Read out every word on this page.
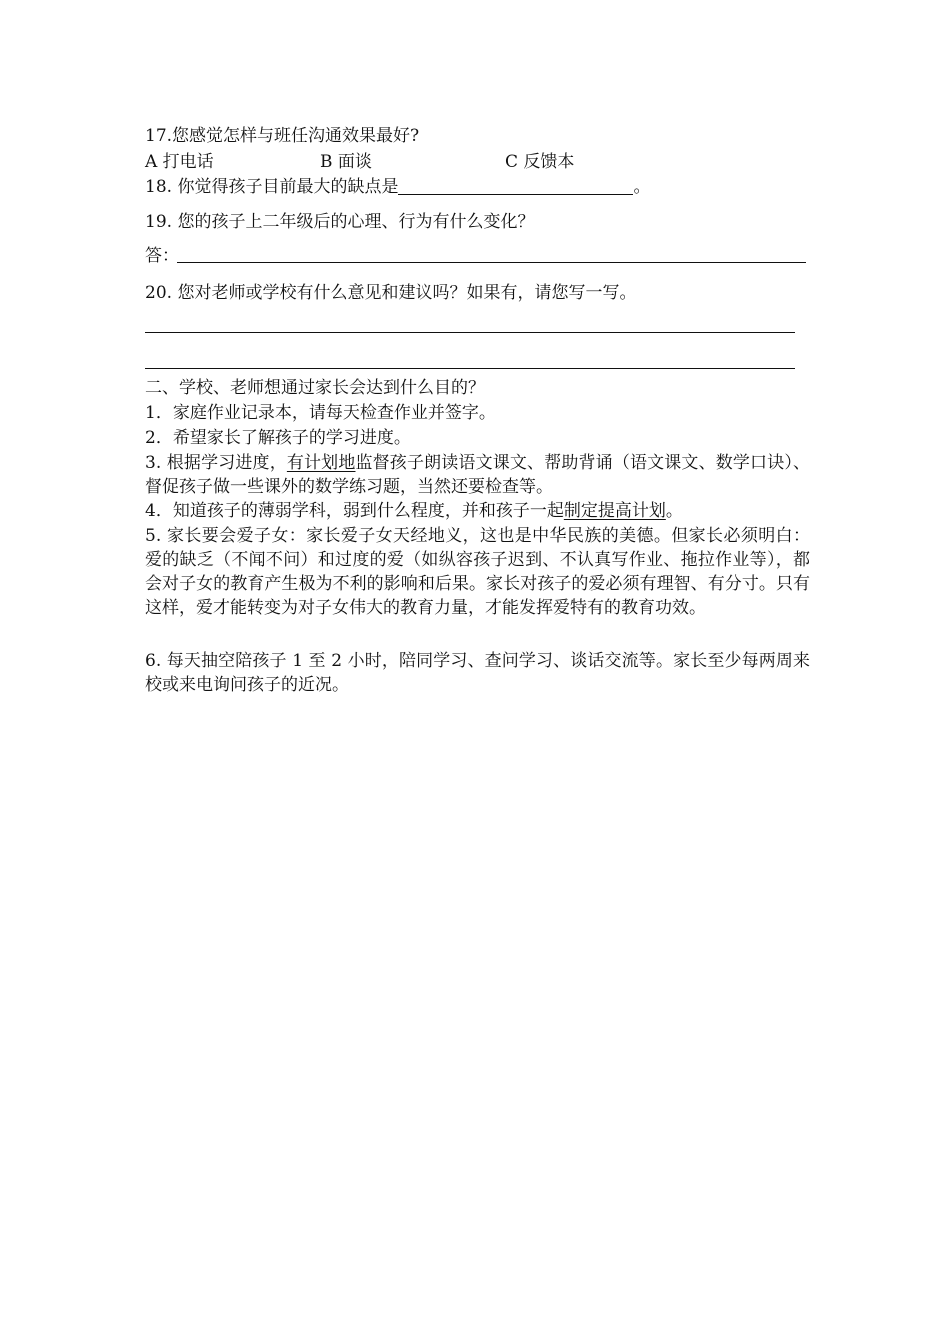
17.您感觉怎样与班任沟通效果最好?
A 打电话	B 面谈	C 反馈本
18. 你觉得孩子目前最大的缺点是	。
19. 您的孩子上二年级后的心理、行为有什么变化？
答：
20. 您对老师或学校有什么意见和建议吗？如果有，请您写一写。
二、学校、老师想通过家长会达到什么目的？
1．家庭作业记录本，请每天检查作业并签字。
2．希望家长了解孩子的学习进度。
3. 根据学习进度，有计划地监督孩子朗读语文课文、帮助背诵（语文课文、数学口诀）、督促孩子做一些课外的数学练习题，当然还要检查等。
4．知道孩子的薄弱学科，弱到什么程度，并和孩子一起制定提高计划。
5. 家长要会爱子女：家长爱子女天经地义，这也是中华民族的美德。但家长必须明白：爱的缺乏（不闻不问）和过度的爱（如纵容孩子迟到、不认真写作业、拖拉作业等），都会对子女的教育产生极为不利的影响和后果。家长对孩子的爱必须有理智、有分寸。只有这样，爱才能转变为对子女伟大的教育力量，才能发挥爱特有的教育功效。
6. 每天抽空陪孩子 1 至 2 小时，陪同学习、查问学习、谈话交流等。家长至少每两周来校或来电询问孩子的近况。
